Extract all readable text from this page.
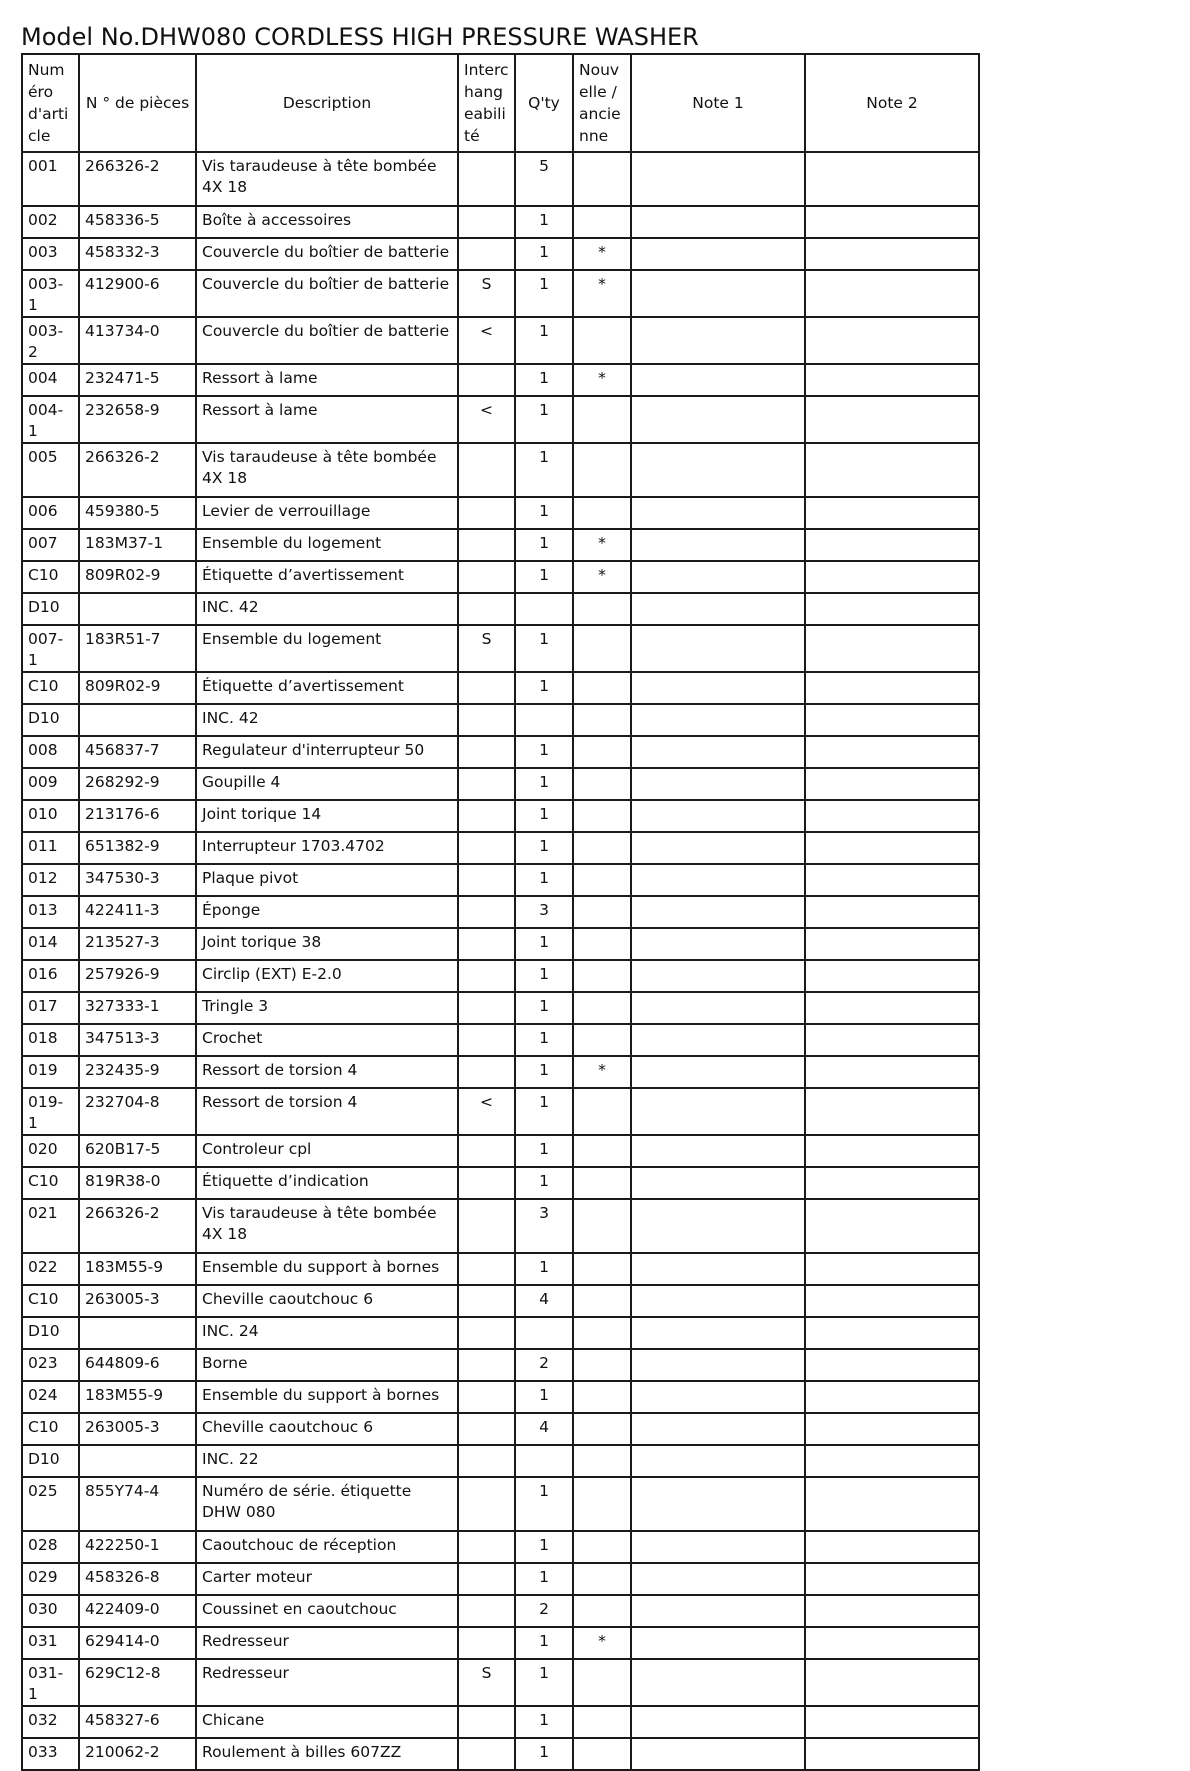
Model No.DHW080 CORDLESS HIGH PRESSURE WASHER
Numéro d'article	N ° de pièces	Description	Interchangeabilité	Q'ty	Nouvelle / ancienne	Note 1	Note 2

001	266326-2	Vis taraudeuse à tête bombée 4X 18		5			

002	458336-5	Boîte à accessoires		1			

003	458332-3	Couvercle du boîtier de batterie		1	*		

003-1	412900-6	Couvercle du boîtier de batterie	S	1	*		

003-2	413734-0	Couvercle du boîtier de batterie	<	1			

004	232471-5	Ressort à lame		1	*		

004-1	232658-9	Ressort à lame	<	1			

005	266326-2	Vis taraudeuse à tête bombée 4X 18		1			

006	459380-5	Levier de verrouillage		1			

007	183M37-1	Ensemble du logement		1	*		

C10	809R02-9	Étiquette d’avertissement		1	*		

D10		INC. 42					

007-1	183R51-7	Ensemble du logement	S	1			

C10	809R02-9	Étiquette d’avertissement		1			

D10		INC. 42					

008	456837-7	Regulateur d'interrupteur 50		1			

009	268292-9	Goupille 4		1			

010	213176-6	Joint torique 14		1			

011	651382-9	Interrupteur 1703.4702		1			

012	347530-3	Plaque pivot		1			

013	422411-3	Éponge		3			

014	213527-3	Joint torique 38		1			

016	257926-9	Circlip (EXT) E-2.0		1			

017	327333-1	Tringle 3		1			

018	347513-3	Crochet		1			

019	232435-9	Ressort de torsion 4		1	*		

019-1	232704-8	Ressort de torsion 4	<	1			

020	620B17-5	Controleur cpl		1			

C10	819R38-0	Étiquette d’indication		1			

021	266326-2	Vis taraudeuse à tête bombée 4X 18		3			

022	183M55-9	Ensemble du support à bornes		1			

C10	263005-3	Cheville caoutchouc 6		4			

D10		INC. 24					

023	644809-6	Borne		2			

024	183M55-9	Ensemble du support à bornes		1			

C10	263005-3	Cheville caoutchouc 6		4			

D10		INC. 22					

025	855Y74-4	Numéro de série. étiquette DHW 080		1			

028	422250-1	Caoutchouc de réception		1			

029	458326-8	Carter moteur		1			

030	422409-0	Coussinet en caoutchouc		2			

031	629414-0	Redresseur		1	*		

031-1	629C12-8	Redresseur	S	1			

032	458327-6	Chicane		1			

033	210062-2	Roulement à billes 607ZZ		1			
